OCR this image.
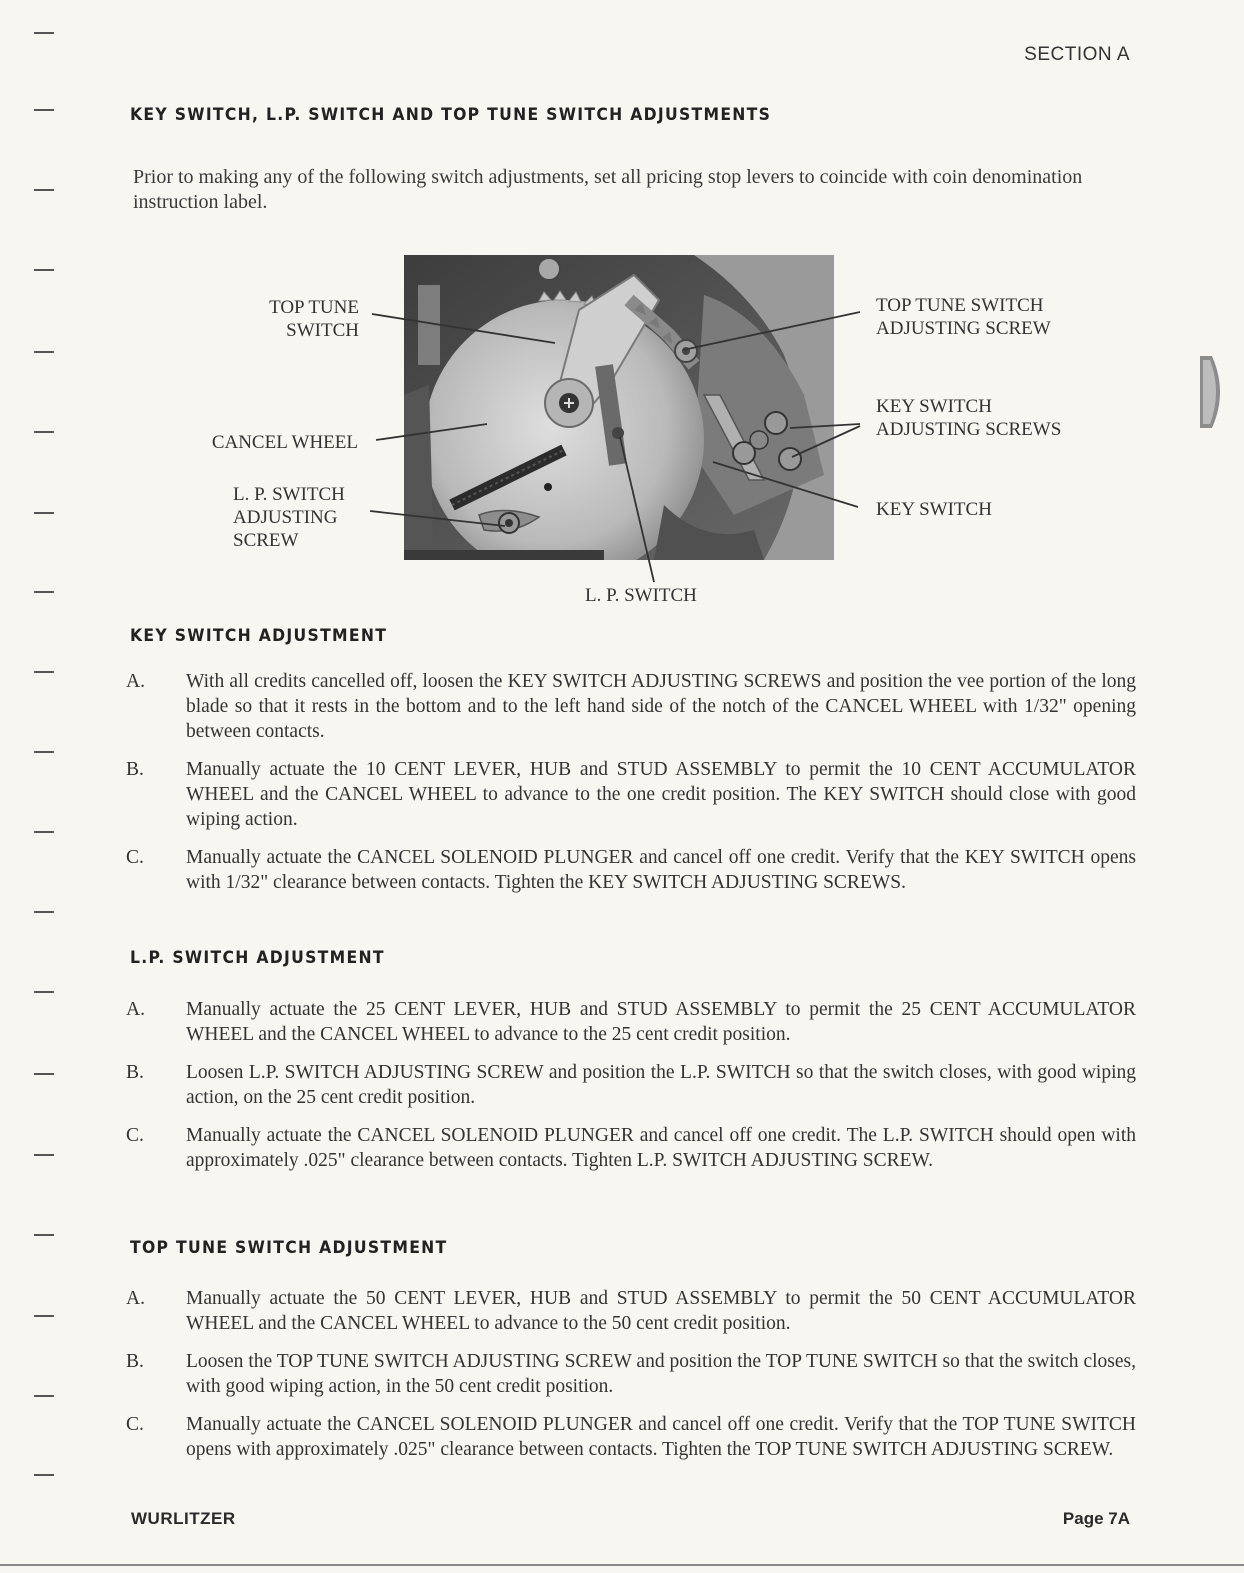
SECTION A
KEY SWITCH, L.P. SWITCH AND TOP TUNE SWITCH ADJUSTMENTS

Prior to making any of the following switch adjustments, set all pricing stop levers to coincide with coin denomination instruction label.

TOP TUNE
SWITCH
TOP TUNE SWITCH
ADJUSTING SCREW
KEY SWITCH
ADJUSTING SCREWS
CANCEL WHEEL
L. P. SWITCH
ADJUSTING
SCREW
KEY SWITCH
L. P. SWITCH
KEY SWITCH ADJUSTMENT
A.	With all credits cancelled off, loosen the KEY SWITCH ADJUSTING SCREWS and position the vee portion of the long blade so that it rests in the bottom and to the left hand side of the notch of the CANCEL WHEEL with 1/32" opening between contacts.
B.	Manually actuate the 10 CENT LEVER, HUB and STUD ASSEMBLY to permit the 10 CENT ACCUMULATOR WHEEL and the CANCEL WHEEL to advance to the one credit position. The KEY SWITCH should close with good wiping action.
C.	Manually actuate the CANCEL SOLENOID PLUNGER and cancel off one credit. Verify that the KEY SWITCH opens with 1/32" clearance between contacts. Tighten the KEY SWITCH ADJUSTING SCREWS.
L.P. SWITCH ADJUSTMENT
A.	Manually actuate the 25 CENT LEVER, HUB and STUD ASSEMBLY to permit the 25 CENT ACCUMULATOR WHEEL and the CANCEL WHEEL to advance to the 25 cent credit position.
B.	Loosen L.P. SWITCH ADJUSTING SCREW and position the L.P. SWITCH so that the switch closes, with good wiping action, on the 25 cent credit position.
C.	Manually actuate the CANCEL SOLENOID PLUNGER and cancel off one credit. The L.P. SWITCH should open with approximately .025" clearance between contacts. Tighten L.P. SWITCH ADJUSTING SCREW.
TOP TUNE SWITCH ADJUSTMENT
A.	Manually actuate the 50 CENT LEVER, HUB and STUD ASSEMBLY to permit the 50 CENT ACCUMULATOR WHEEL and the CANCEL WHEEL to advance to the 50 cent credit position.
B.	Loosen the TOP TUNE SWITCH ADJUSTING SCREW and position the TOP TUNE SWITCH so that the switch closes, with good wiping action, in the 50 cent credit position.
C.	Manually actuate the CANCEL SOLENOID PLUNGER and cancel off one credit. Verify that the TOP TUNE SWITCH opens with approximately .025" clearance between contacts. Tighten the TOP TUNE SWITCH ADJUSTING SCREW.
WURLITZER	Page 7A
